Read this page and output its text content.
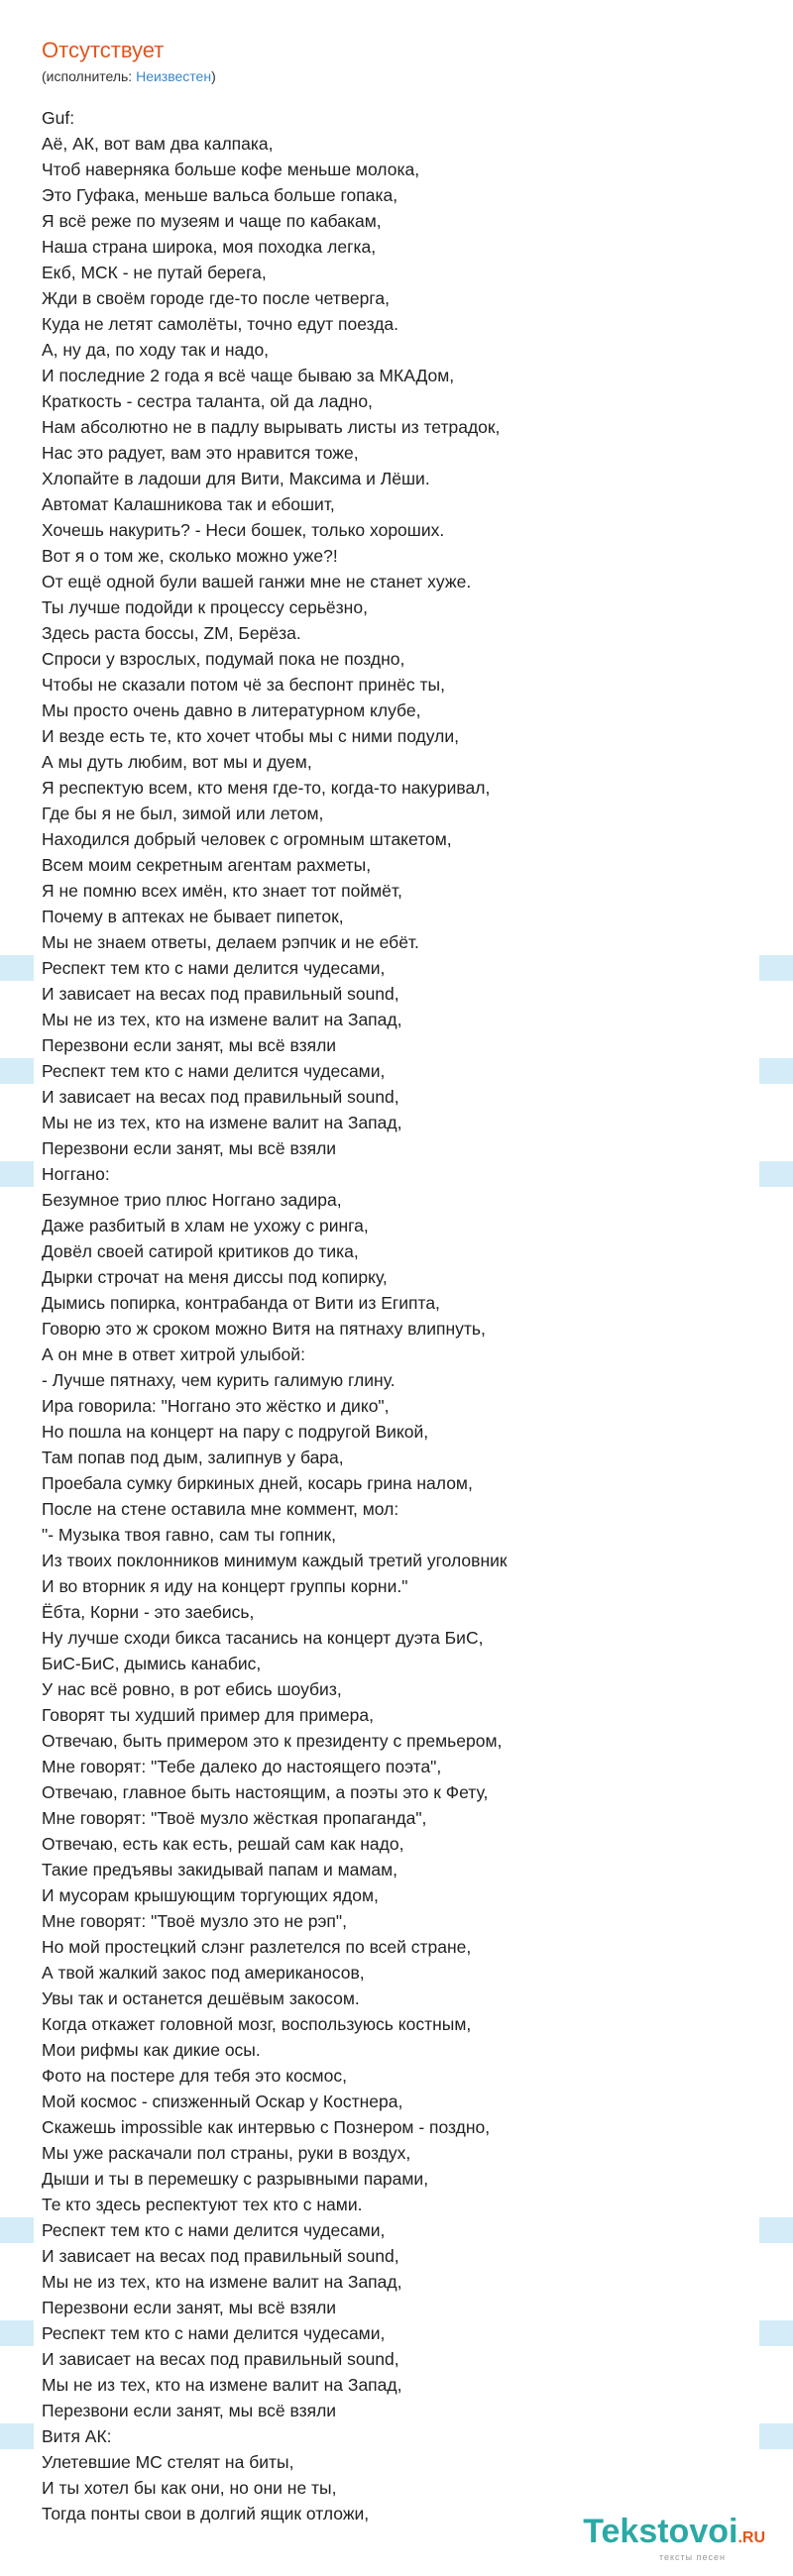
Отсутствует
(исполнитель: Неизвестен)
Guf:
Аё, АК, вот вам два калпака,
Чтоб наверняка больше кофе меньше молока,
Это Гуфака, меньше вальса больше гопака,
Я всё реже по музеям и чаще по кабакам,
Наша страна широка, моя походка легка,
Екб, МСК - не путай берега,
Жди в своём городе где-то после четверга,
Куда не летят самолёты, точно едут поезда.
А, ну да, по ходу так и надо,
И последние 2 года я всё чаще бываю за МКАДом,
Краткость - сестра таланта, ой да ладно,
Нам абсолютно не в падлу вырывать листы из тетрадок,
Нас это радует, вам это нравится тоже,
Хлопайте в ладоши для Вити, Максима и Лёши.
Автомат Калашникова так и ебошит,
Хочешь накурить? - Неси бошек, только хороших.
Вот я о том же, сколько можно уже?!
От ещё одной були вашей ганжи мне не станет хуже.
Ты лучше подойди к процессу серьёзно,
Здесь раста боссы, ZM, Берёза.
Спроси у взрослых, подумай пока не поздно,
Чтобы не сказали потом чё за беспонт принёс ты,
Мы просто очень давно в литературном клубе,
И везде есть те, кто хочет чтобы мы с ними подули,
А мы дуть любим, вот мы и дуем,
Я респектую всем, кто меня где-то, когда-то накуривал,
Где бы я не был, зимой или летом,
Находился добрый человек с огромным штакетом,
Всем моим секретным агентам рахметы,
Я не помню всех имён, кто знает тот поймёт,
Почему в аптеках не бывает пипеток,
Мы не знаем ответы, делаем рэпчик и не ебёт.
Респект тем кто с нами делится чудесами,
И зависает на весах под правильный sound,
Мы не из тех, кто на измене валит на Запад,
Перезвони если занят, мы всё взяли
Респект тем кто с нами делится чудесами,
И зависает на весах под правильный sound,
Мы не из тех, кто на измене валит на Запад,
Перезвони если занят, мы всё взяли
Ноггано:
Безумное трио плюс Ноггано задира,
Даже разбитый в хлам не ухожу с ринга,
Довёл своей сатирой критиков до тика,
Дырки строчат на меня диссы под копирку,
Дымись попирка, контрабанда от Вити из Египта,
Говорю это ж сроком можно Витя на пятнаху влипнуть,
А он мне в ответ хитрой улыбой:
- Лучше пятнаху, чем курить галимую глину.
Ира говорила: "Ноггано это жёстко и дико",
Но пошла на концерт на пару с подругой Викой,
Там попав под дым, залипнув у бара,
Проебала сумку биркиных дней, косарь грина налом,
После на стене оставила мне коммент, мол:
"- Музыка твоя гавно, сам ты гопник,
Из твоих поклонников минимум каждый третий уголовник
И во вторник я иду на концерт группы корни."
Ёбта, Корни - это заебись,
Ну лучше сходи бикса тасанись на концерт дуэта БиС,
БиС-БиС, дымись канабис,
У нас всё ровно, в рот ебись шоубиз,
Говорят ты худший пример для примера,
Отвечаю, быть примером это к президенту с премьером,
Мне говорят: "Тебе далеко до настоящего поэта",
Отвечаю, главное быть настоящим, а поэты это к Фету,
Мне говорят: "Твоё музло жёсткая пропаганда",
Отвечаю, есть как есть, решай сам как надо,
Такие предъявы закидывай папам и мамам,
И мусорам крышующим торгующих ядом,
Мне говорят: "Твоё музло это не рэп",
Но мой простецкий слэнг разлетелся по всей стране,
А твой жалкий закос под американосов,
Увы так и останется дешёвым закосом.
Когда откажет головной мозг, воспользуюсь костным,
Мои рифмы как дикие осы.
Фото на постере для тебя это космос,
Мой космос - спизженный Оскар у Костнера,
Скажешь impossible как интервью с Познером - поздно,
Мы уже раскачали пол страны, руки в воздух,
Дыши и ты в перемешку с разрывными парами,
Те кто здесь респектуют тех кто с нами.
Респект тем кто с нами делится чудесами,
И зависает на весах под правильный sound,
Мы не из тех, кто на измене валит на Запад,
Перезвони если занят, мы всё взяли
Респект тем кто с нами делится чудесами,
И зависает на весах под правильный sound,
Мы не из тех, кто на измене валит на Запад,
Перезвони если занят, мы всё взяли
Витя АК:
Улетевшие МС стелят на биты,
И ты хотел бы как они, но они не ты,
Тогда понты свои в долгий ящик отложи,	Tekstovoi.RU
тексты песен
